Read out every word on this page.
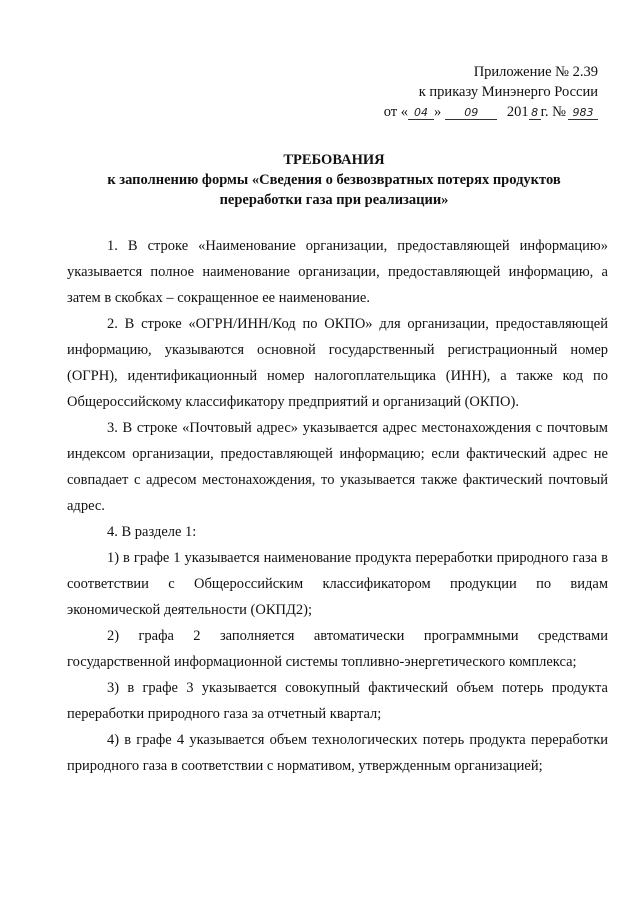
Приложение № 2.39
к приказу Минэнерго России
от « 04 » 09 201 8 г. № 983
ТРЕБОВАНИЯ
к заполнению формы «Сведения о безвозвратных потерях продуктов
переработки газа при реализации»

1. В строке «Наименование организации, предоставляющей информацию» указывается полное наименование организации, предоставляющей информацию, а затем в скобках – сокращенное ее наименование.

2. В строке «ОГРН/ИНН/Код по ОКПО» для организации, предоставляющей информацию, указываются основной государственный регистрационный номер (ОГРН), идентификационный номер налогоплательщика (ИНН), а также код по Общероссийскому классификатору предприятий и организаций (ОКПО).

3. В строке «Почтовый адрес» указывается адрес местонахождения с почтовым индексом организации, предоставляющей информацию; если фактический адрес не совпадает с адресом местонахождения, то указывается также фактический почтовый адрес.

4. В разделе 1:

1) в графе 1 указывается наименование продукта переработки природного газа в соответствии с Общероссийским классификатором продукции по видам экономической деятельности (ОКПД2);

2) графа 2 заполняется автоматически программными средствами государственной информационной системы топливно-энергетического комплекса;

3) в графе 3 указывается совокупный фактический объем потерь продукта переработки природного газа за отчетный квартал;

4) в графе 4 указывается объем технологических потерь продукта переработки природного газа в соответствии с нормативом, утвержденным организацией;
